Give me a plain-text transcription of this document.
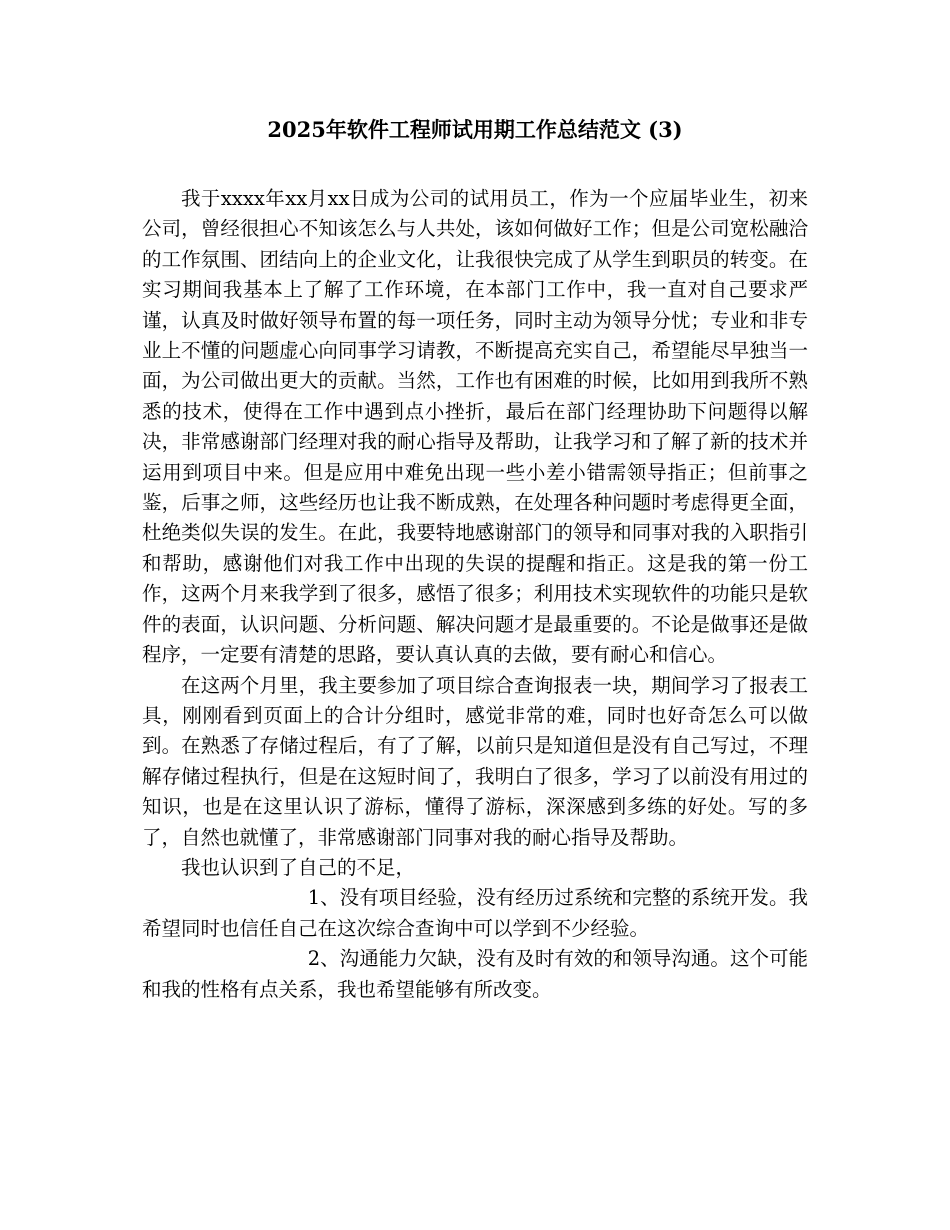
2025年软件工程师试用期工作总结范文 (3)

我于xxxx年xx月xx日成为公司的试用员工，作为一个应届毕业生，初来公司，曾经很担心不知该怎么与人共处，该如何做好工作；但是公司宽松融洽的工作氛围、团结向上的企业文化，让我很快完成了从学生到职员的转变。在实习期间我基本上了解了工作环境，在本部门工作中，我一直对自己要求严谨，认真及时做好领导布置的每一项任务，同时主动为领导分忧；专业和非专业上不懂的问题虚心向同事学习请教，不断提高充实自己，希望能尽早独当一面，为公司做出更大的贡献。当然，工作也有困难的时候，比如用到我所不熟悉的技术，使得在工作中遇到点小挫折，最后在部门经理协助下问题得以解决，非常感谢部门经理对我的耐心指导及帮助，让我学习和了解了新的技术并运用到项目中来。但是应用中难免出现一些小差小错需领导指正；但前事之鉴，后事之师，这些经历也让我不断成熟，在处理各种问题时考虑得更全面，杜绝类似失误的发生。在此，我要特地感谢部门的领导和同事对我的入职指引和帮助，感谢他们对我工作中出现的失误的提醒和指正。这是我的第一份工作，这两个月来我学到了很多，感悟了很多；利用技术实现软件的功能只是软件的表面，认识问题、分析问题、解决问题才是最重要的。不论是做事还是做程序，一定要有清楚的思路，要认真认真的去做，要有耐心和信心。

在这两个月里，我主要参加了项目综合查询报表一块，期间学习了报表工具，刚刚看到页面上的合计分组时，感觉非常的难，同时也好奇怎么可以做到。在熟悉了存储过程后，有了了解，以前只是知道但是没有自己写过，不理解存储过程执行，但是在这短时间了，我明白了很多，学习了以前没有用过的知识，也是在这里认识了游标，懂得了游标，深深感到多练的好处。写的多了，自然也就懂了，非常感谢部门同事对我的耐心指导及帮助。

我也认识到了自己的不足，

1、没有项目经验，没有经历过系统和完整的系统开发。我希望同时也信任自己在这次综合查询中可以学到不少经验。

2、沟通能力欠缺，没有及时有效的和领导沟通。这个可能和我的性格有点关系，我也希望能够有所改变。
